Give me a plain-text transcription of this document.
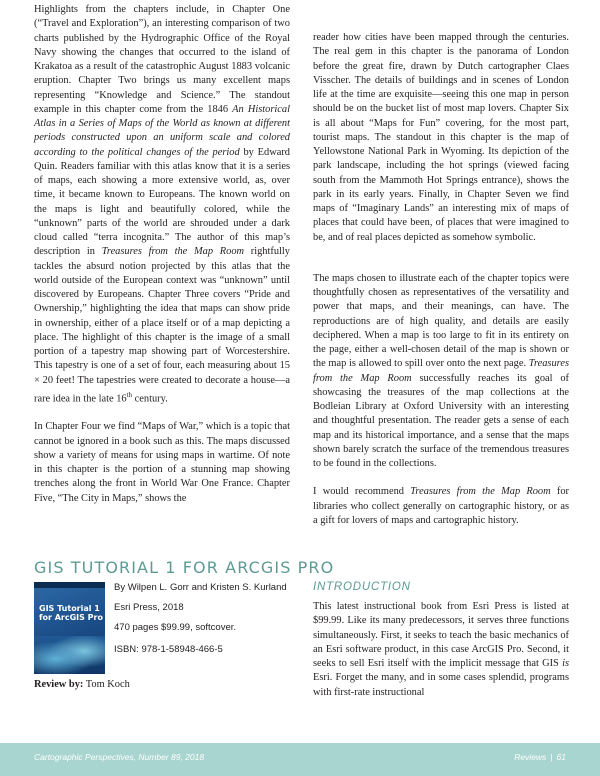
Highlights from the chapters include, in Chapter One (“Travel and Exploration”), an interesting comparison of two charts published by the Hydrographic Office of the Royal Navy showing the changes that occurred to the island of Krakatoa as a result of the catastrophic August 1883 volcanic eruption. Chapter Two brings us many excellent maps representing “Knowledge and Science.” The standout example in this chapter come from the 1846 An Historical Atlas in a Series of Maps of the World as known at different periods constructed upon an uniform scale and colored according to the political changes of the period by Edward Quin. Readers familiar with this atlas know that it is a series of maps, each showing a more extensive world, as, over time, it became known to Europeans. The known world on the maps is light and beautifully colored, while the “unknown” parts of the world are shrouded under a dark cloud called “terra incognita.” The author of this map’s description in Treasures from the Map Room rightfully tackles the absurd notion projected by this atlas that the world outside of the European context was “unknown” until discovered by Europeans. Chapter Three covers “Pride and Ownership,” highlighting the idea that maps can show pride in ownership, either of a place itself or of a map depicting a place. The highlight of this chapter is the image of a small portion of a tapestry map showing part of Worcestershire. This tapestry is one of a set of four, each measuring about 15 × 20 feet! The tapestries were created to decorate a house—a rare idea in the late 16th century.

In Chapter Four we find “Maps of War,” which is a topic that cannot be ignored in a book such as this. The maps discussed show a variety of means for using maps in wartime. Of note in this chapter is the portion of a stunning map showing trenches along the front in World War One France. Chapter Five, “The City in Maps,” shows the

reader how cities have been mapped through the centuries. The real gem in this chapter is the panorama of London before the great fire, drawn by Dutch cartographer Claes Visscher. The details of buildings and in scenes of London life at the time are exquisite—seeing this one map in person should be on the bucket list of most map lovers. Chapter Six is all about “Maps for Fun” covering, for the most part, tourist maps. The standout in this chapter is the map of Yellowstone National Park in Wyoming. Its depiction of the park landscape, including the hot springs (viewed facing south from the Mammoth Hot Springs entrance), shows the park in its early years. Finally, in Chapter Seven we find maps of “Imaginary Lands” an interesting mix of maps of places that could have been, of places that were imagined to be, and of real places depicted as somehow symbolic.

The maps chosen to illustrate each of the chapter topics were thoughtfully chosen as representatives of the versatility and power that maps, and their meanings, can have. The reproductions are of high quality, and details are easily deciphered. When a map is too large to fit in its entirety on the page, either a well-chosen detail of the map is shown or the map is allowed to spill over onto the next page. Treasures from the Map Room successfully reaches its goal of showcasing the treasures of the map collections at the Bodleian Library at Oxford University with an interesting and thoughtful presentation. The reader gets a sense of each map and its historical importance, and a sense that the maps shown barely scratch the surface of the tremendous treasures to be found in the collections.

I would recommend Treasures from the Map Room for libraries who collect generally on cartographic history, or as a gift for lovers of maps and cartographic history.

GIS TUTORIAL 1 FOR ARCGIS PRO
GIS Tutorial 1 for ArcGIS Pro
By Wilpen L. Gorr and Kristen S. Kurland
Esri Press, 2018
470 pages $99.99, softcover.
ISBN: 978-1-58948-466-5
Review by: Tom Koch
INTRODUCTION

This latest instructional book from Esri Press is listed at $99.99. Like its many predecessors, it serves three functions simultaneously. First, it seeks to teach the basic mechanics of an Esri software product, in this case ArcGIS Pro. Second, it seeks to sell Esri itself with the implicit message that GIS is Esri. Forget the many, and in some cases splendid, programs with first-rate instructional

Cartographic Perspectives, Number 89, 2018	Reviews | 61
